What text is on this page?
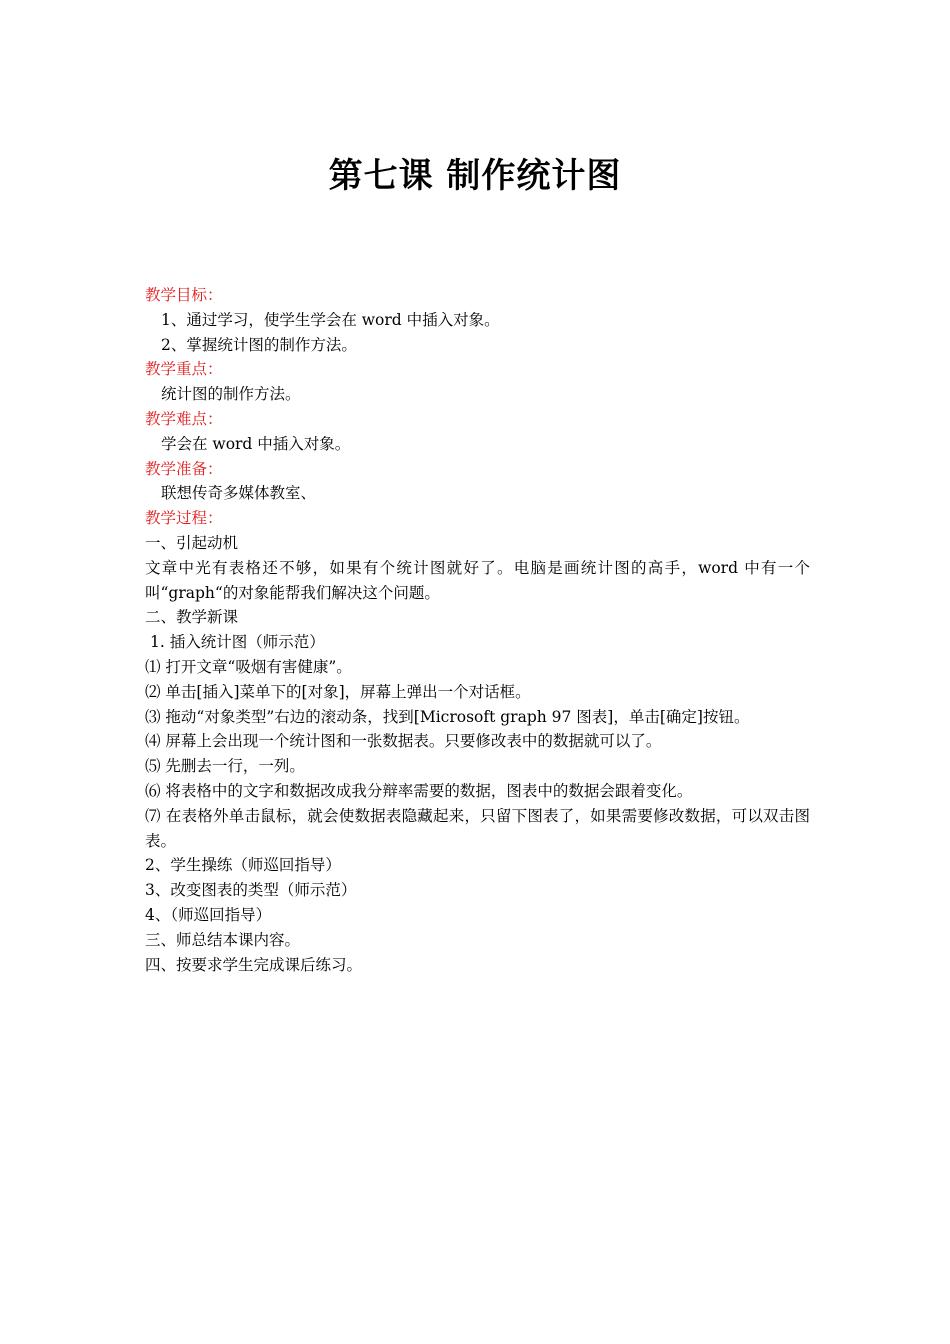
第七课 制作统计图
教学目标：
1、通过学习，使学生学会在 word 中插入对象。
2、掌握统计图的制作方法。
教学重点：
统计图的制作方法。
教学难点：
学会在 word 中插入对象。
教学准备：
联想传奇多媒体教室、
教学过程：
一、引起动机
文章中光有表格还不够，如果有个统计图就好了。电脑是画统计图的高手，word 中有一个叫“graph“的对象能帮我们解决这个问题。
二、教学新课
1. 插入统计图（师示范）
⑴ 打开文章“吸烟有害健康”。
⑵ 单击[插入]菜单下的[对象]，屏幕上弹出一个对话框。
⑶ 拖动“对象类型”右边的滚动条，找到[Microsoft graph 97 图表]，单击[确定]按钮。
⑷ 屏幕上会出现一个统计图和一张数据表。只要修改表中的数据就可以了。
⑸ 先删去一行，一列。
⑹ 将表格中的文字和数据改成我分辩率需要的数据，图表中的数据会跟着变化。
⑺ 在表格外单击鼠标，就会使数据表隐藏起来，只留下图表了，如果需要修改数据，可以双击图表。
2、学生操练（师巡回指导）
3、改变图表的类型（师示范）
4、（师巡回指导）
三、师总结本课内容。
四、按要求学生完成课后练习。
